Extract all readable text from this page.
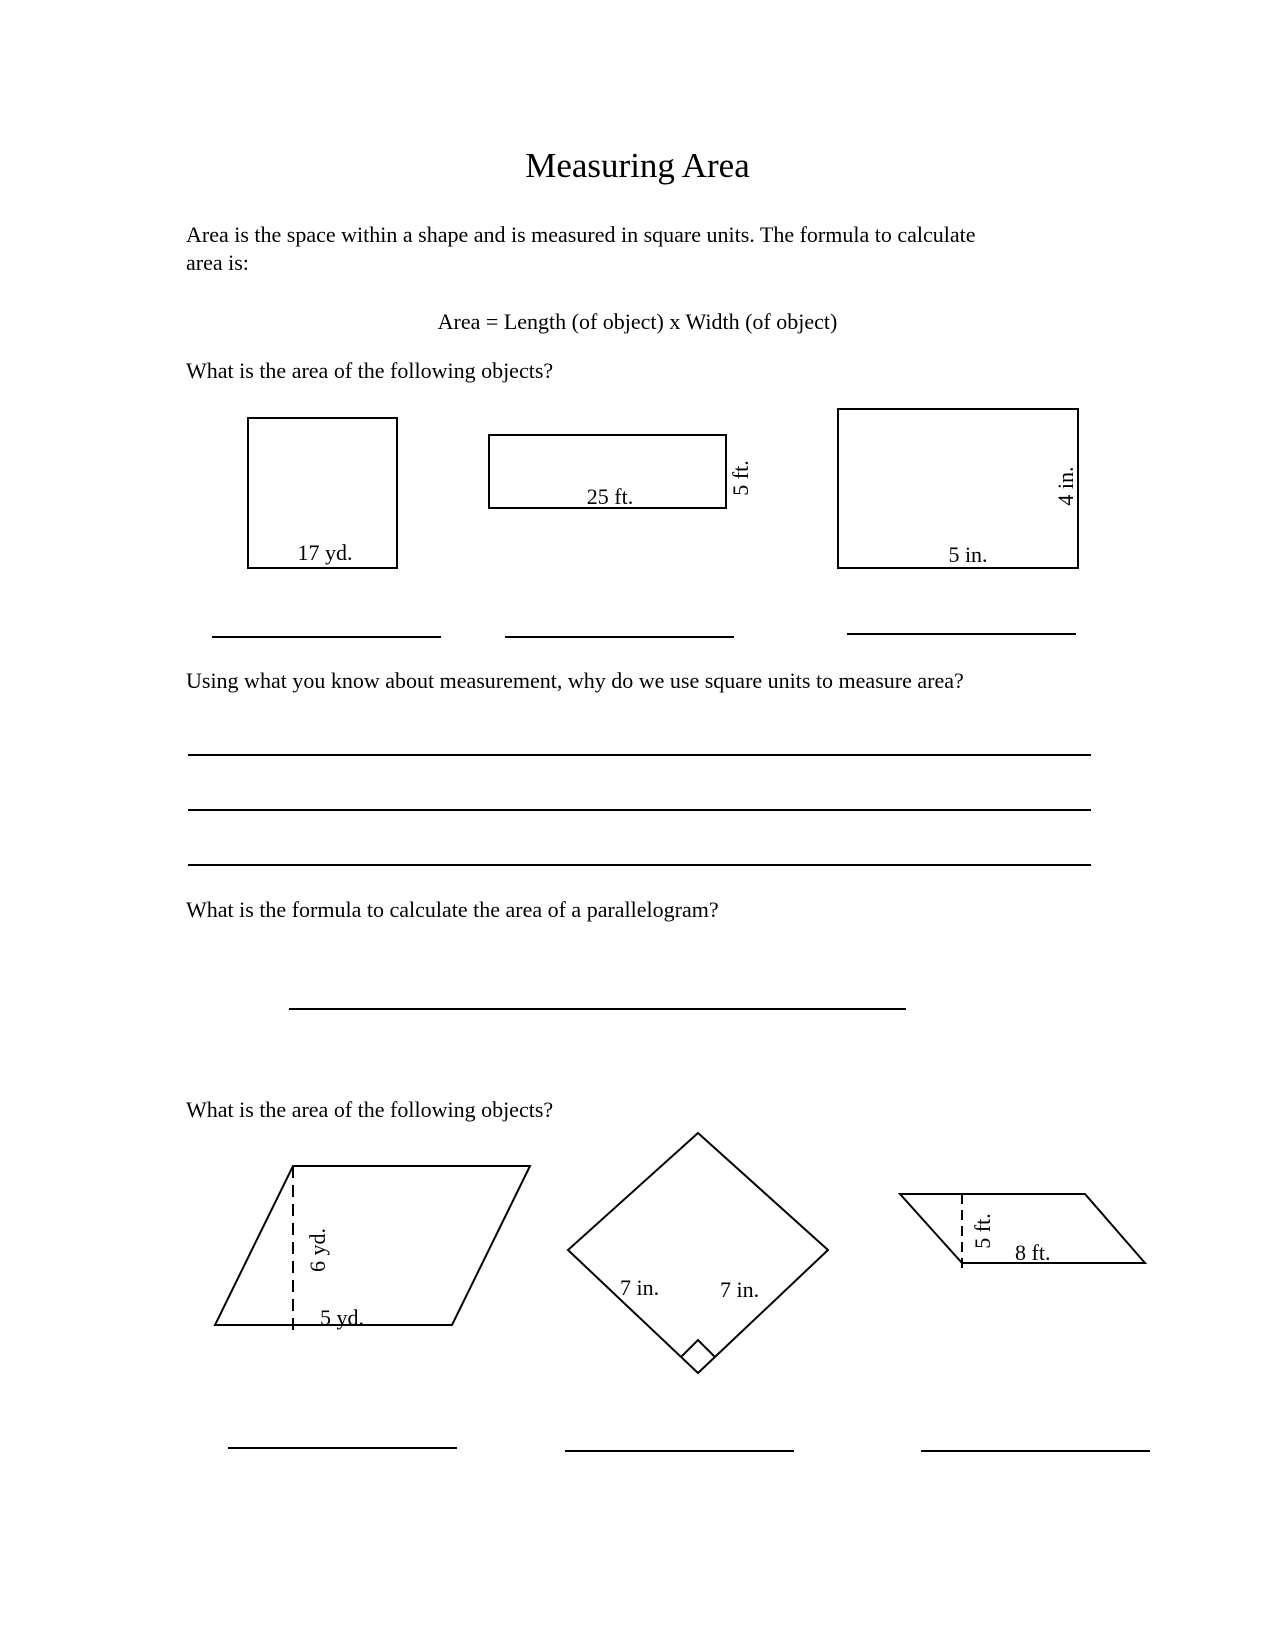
Measuring Area
Area is the space within a shape and is measured in square units. The formula to calculate area is:
Area = Length (of object) x Width (of object)
What is the area of the following objects?
17 yd.
25 ft.
5 ft.
5 in.
4 in.
6 yd.
5 yd.
7 in.	7 in.
5 ft.
8 ft.
Using what you know about measurement, why do we use square units to measure area?
What is the formula to calculate the area of a parallelogram?
What is the area of the following objects?
